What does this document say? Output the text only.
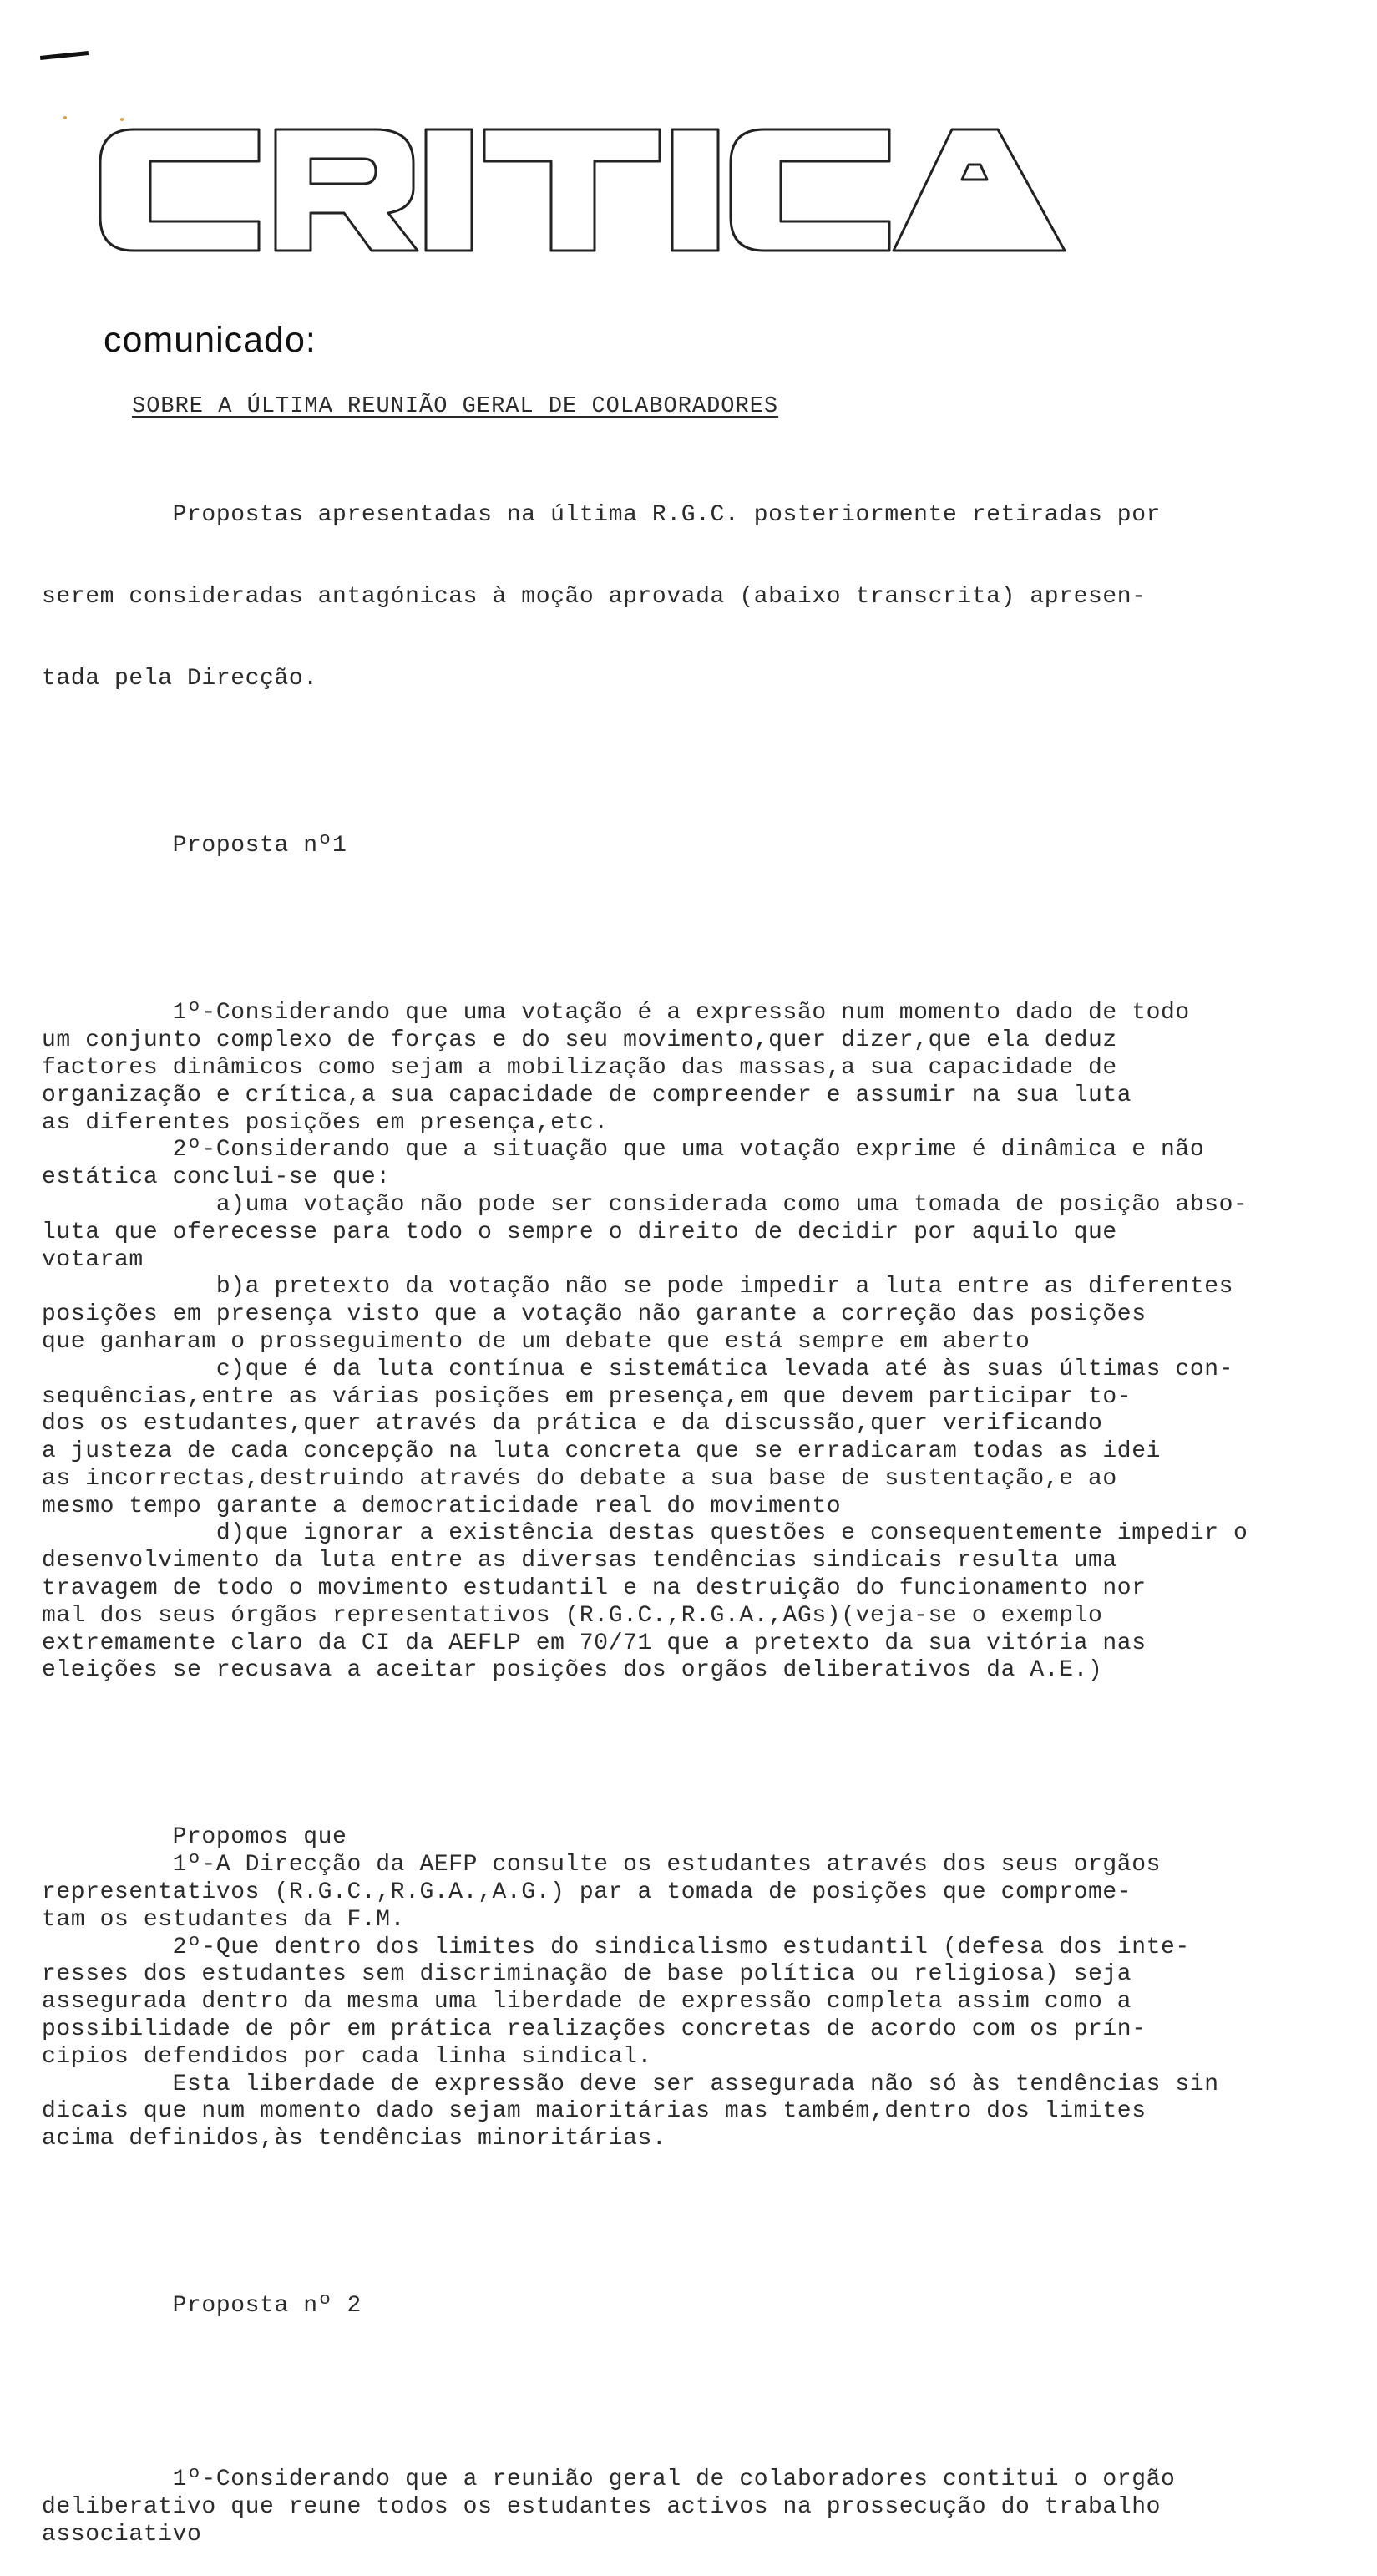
comunicado:
SOBRE A ÚLTIMA REUNIÃO GERAL DE COLABORADORES

Propostas apresentadas na última R.G.C. posteriormente retiradas por

serem consideradas antagónicas à moção aprovada (abaixo transcrita) apresen-

tada pela Direcção.

Proposta nº1

1º-Considerando que uma votação é a expressão num momento dado de todo

um conjunto complexo de forças e do seu movimento,quer dizer,que ela deduz

factores dinâmicos como sejam a mobilização das massas,a sua capacidade de

organização e crítica,a sua capacidade de compreender e assumir na sua luta

as diferentes posições em presença,etc.

2º-Considerando que a situação que uma votação exprime é dinâmica e não

estática conclui-se que:

a)uma votação não pode ser considerada como uma tomada de posição abso-

luta que oferecesse para todo o sempre o direito de decidir por aquilo que

votaram

b)a pretexto da votação não se pode impedir a luta entre as diferentes

posições em presença visto que a votação não garante a correção das posições

que ganharam o prosseguimento de um debate que está sempre em aberto

c)que é da luta contínua e sistemática levada até às suas últimas con-

sequências,entre as várias posições em presença,em que devem participar to-

dos os estudantes,quer através da prática e da discussão,quer verificando

a justeza de cada concepção na luta concreta que se erradicaram todas as idei

as incorrectas,destruindo através do debate a sua base de sustentação,e ao

mesmo tempo garante a democraticidade real do movimento

d)que ignorar a existência destas questões e consequentemente impedir o

desenvolvimento da luta entre as diversas tendências sindicais resulta uma

travagem de todo o movimento estudantil e na destruição do funcionamento nor

mal dos seus órgãos representativos (R.G.C.,R.G.A.,AGs)(veja-se o exemplo

extremamente claro da CI da AEFLP em 70/71 que a pretexto da sua vitória nas

eleições se recusava a aceitar posições dos orgãos deliberativos da A.E.)

Propomos que

1º-A Direcção da AEFP consulte os estudantes através dos seus orgãos

representativos (R.G.C.,R.G.A.,A.G.) par a tomada de posições que comprome-

tam os estudantes da F.M.

2º-Que dentro dos limites do sindicalismo estudantil (defesa dos inte-

resses dos estudantes sem discriminação de base política ou religiosa) seja

assegurada dentro da mesma uma liberdade de expressão completa assim como a

possibilidade de pôr em prática realizações concretas de acordo com os prín-

cipios defendidos por cada linha sindical.

Esta liberdade de expressão deve ser assegurada não só às tendências sin

dicais que num momento dado sejam maioritárias mas também,dentro dos limites

acima definidos,às tendências minoritárias.

Proposta nº 2

1º-Considerando que a reunião geral de colaboradores contitui o orgão

deliberativo que reune todos os estudantes activos na prossecução do trabalho

associativo
